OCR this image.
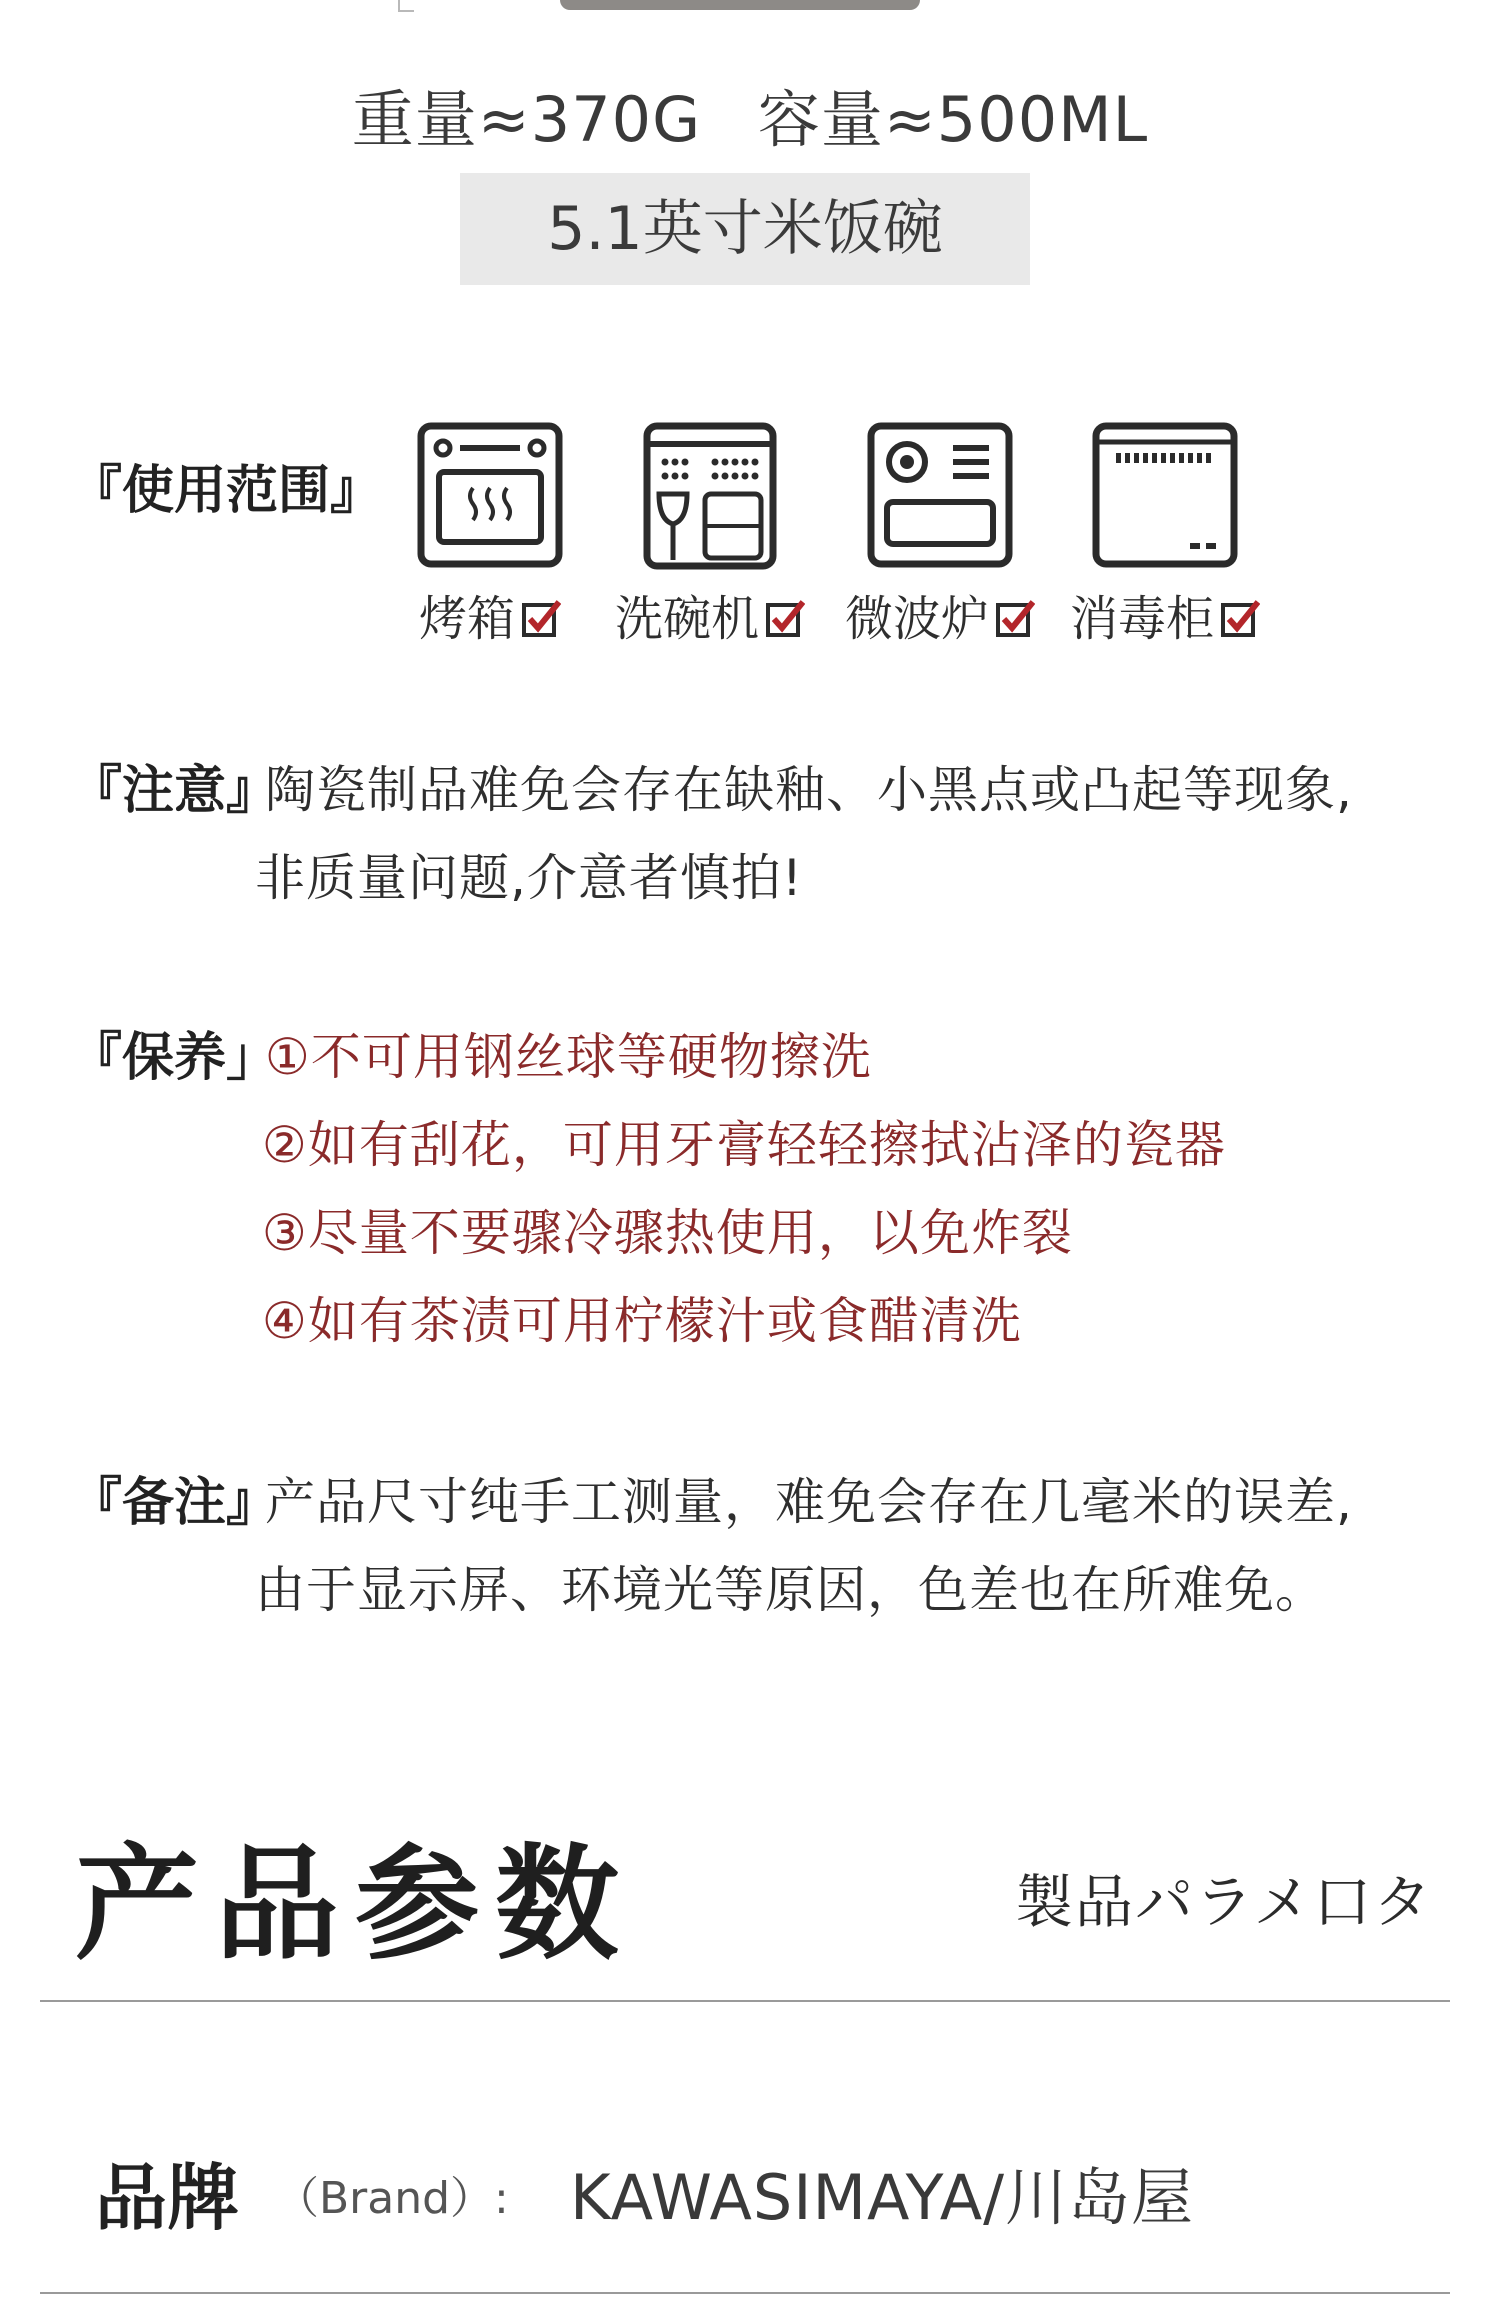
重量≈370G 容量≈500ML
5.1英寸米饭碗
『使用范围』
烤箱	洗碗机	微波炉	消毒柜
『注意』
陶瓷制品难免会存在缺釉、小黑点或凸起等现象,
非质量问题,介意者慎拍!
『保养」
①不可用钢丝球等硬物擦洗
②如有刮花，可用牙膏轻轻擦拭沾泽的瓷器
③尽量不要骤冷骤热使用，以免炸裂
④如有茶渍可用柠檬汁或食醋清洗
『备注』
产品尺寸纯手工测量，难免会存在几毫米的误差,
由于显示屏、环境光等原因，色差也在所难免。
产品参数	製品パラメ口タ
品牌 （Brand）: KAWASIMAYA/川岛屋
